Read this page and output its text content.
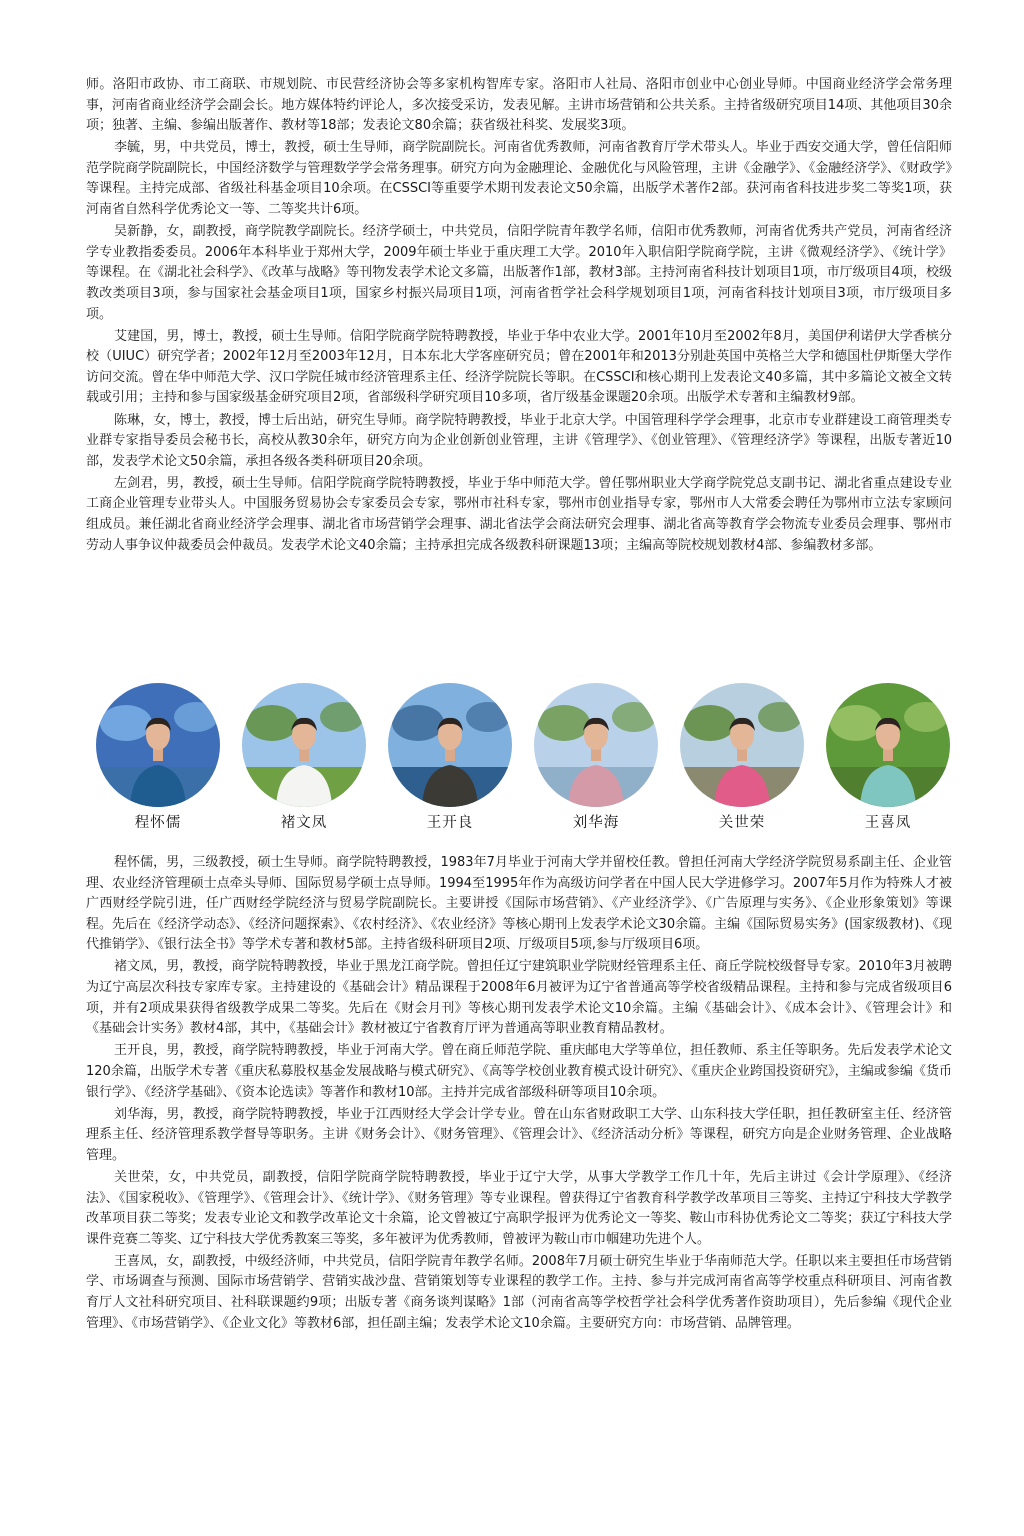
师。洛阳市政协、市工商联、市规划院、市民营经济协会等多家机构智库专家。洛阳市人社局、洛阳市创业中心创业导师。中国商业经济学会常务理事，河南省商业经济学会副会长。地方媒体特约评论人，多次接受采访，发表见解。主讲市场营销和公共关系。主持省级研究项目14项、其他项目30余项；独著、主编、参编出版著作、教材等18部；发表论文80余篇；获省级社科奖、发展奖3项。

李毓，男，中共党员，博士，教授，硕士生导师，商学院副院长。河南省优秀教师，河南省教育厅学术带头人。毕业于西安交通大学，曾任信阳师范学院商学院副院长，中国经济数学与管理数学学会常务理事。研究方向为金融理论、金融优化与风险管理，主讲《金融学》、《金融经济学》、《财政学》等课程。主持完成部、省级社科基金项目10余项。在CSSCI等重要学术期刊发表论文50余篇，出版学术著作2部。获河南省科技进步奖二等奖1项，获河南省自然科学优秀论文一等、二等奖共计6项。

吴新静，女，副教授，商学院教学副院长。经济学硕士，中共党员，信阳学院青年教学名师，信阳市优秀教师，河南省优秀共产党员，河南省经济学专业教指委委员。2006年本科毕业于郑州大学，2009年硕士毕业于重庆理工大学。2010年入职信阳学院商学院，主讲《微观经济学》、《统计学》等课程。在《湖北社会科学》、《改革与战略》等刊物发表学术论文多篇，出版著作1部，教材3部。主持河南省科技计划项目1项，市厅级项目4项，校级教改类项目3项，参与国家社会基金项目1项，国家乡村振兴局项目1项，河南省哲学社会科学规划项目1项，河南省科技计划项目3项，市厅级项目多项。

艾建国，男，博士，教授，硕士生导师。信阳学院商学院特聘教授，毕业于华中农业大学。2001年10月至2002年8月，美国伊利诺伊大学香槟分校（UIUC）研究学者；2002年12月至2003年12月，日本东北大学客座研究员；曾在2001年和2013分别赴英国中英格兰大学和德国杜伊斯堡大学作访问交流。曾在华中师范大学、汉口学院任城市经济管理系主任、经济学院院长等职。在CSSCI和核心期刊上发表论文40多篇，其中多篇论文被全文转载或引用；主持和参与国家级基金研究项目2项，省部级科学研究项目10多项，省厅级基金课题20余项。出版学术专著和主编教材9部。

陈琳，女，博士，教授，博士后出站，研究生导师。商学院特聘教授，毕业于北京大学。中国管理科学学会理事，北京市专业群建设工商管理类专业群专家指导委员会秘书长，高校从教30余年，研究方向为企业创新创业管理，主讲《管理学》、《创业管理》、《管理经济学》等课程，出版专著近10部，发表学术论文50余篇，承担各级各类科研项目20余项。

左剑君，男，教授，硕士生导师。信阳学院商学院特聘教授，毕业于华中师范大学。曾任鄂州职业大学商学院党总支副书记、湖北省重点建设专业工商企业管理专业带头人。中国服务贸易协会专家委员会专家，鄂州市社科专家，鄂州市创业指导专家，鄂州市人大常委会聘任为鄂州市立法专家顾问组成员。兼任湖北省商业经济学会理事、湖北省市场营销学会理事、湖北省法学会商法研究会理事、湖北省高等教育学会物流专业委员会理事、鄂州市劳动人事争议仲裁委员会仲裁员。发表学术论文40余篇；主持承担完成各级教科研课题13项；主编高等院校规划教材4部、参编教材多部。

程怀儒	褚文凤	王开良	刘华海	关世荣	王喜凤

程怀儒，男，三级教授，硕士生导师。商学院特聘教授，1983年7月毕业于河南大学并留校任教。曾担任河南大学经济学院贸易系副主任、企业管理、农业经济管理硕士点牵头导师、国际贸易学硕士点导师。1994至1995年作为高级访问学者在中国人民大学进修学习。2007年5月作为特殊人才被广西财经学院引进，任广西财经学院经济与贸易学院副院长。主要讲授《国际市场营销》、《产业经济学》、《广告原理与实务》、《企业形象策划》等课程。先后在《经济学动态》、《经济问题探索》、《农村经济》、《农业经济》等核心期刊上发表学术论文30余篇。主编《国际贸易实务》(国家级教材)、《现代推销学》、《银行法全书》等学术专著和教材5部。主持省级科研项目2项、厅级项目5项,参与厅级项目6项。

褚文凤，男，教授，商学院特聘教授，毕业于黑龙江商学院。曾担任辽宁建筑职业学院财经管理系主任、商丘学院校级督导专家。2010年3月被聘为辽宁高层次科技专家库专家。主持建设的《基础会计》精品课程于2008年6月被评为辽宁省普通高等学校省级精品课程。主持和参与完成省级项目6项，并有2项成果获得省级教学成果二等奖。先后在《财会月刊》等核心期刊发表学术论文10余篇。主编《基础会计》、《成本会计》、《管理会计》和《基础会计实务》教材4部，其中，《基础会计》教材被辽宁省教育厅评为普通高等职业教育精品教材。

王开良，男，教授，商学院特聘教授，毕业于河南大学。曾在商丘师范学院、重庆邮电大学等单位，担任教师、系主任等职务。先后发表学术论文120余篇，出版学术专著《重庆私募股权基金发展战略与模式研究》、《高等学校创业教育模式设计研究》、《重庆企业跨国投资研究》，主编或参编《货币银行学》、《经济学基础》、《资本论选读》等著作和教材10部。主持并完成省部级科研等项目10余项。

刘华海，男，教授，商学院特聘教授，毕业于江西财经大学会计学专业。曾在山东省财政职工大学、山东科技大学任职，担任教研室主任、经济管理系主任、经济管理系教学督导等职务。主讲《财务会计》、《财务管理》、《管理会计》、《经济活动分析》等课程，研究方向是企业财务管理、企业战略管理。

关世荣，女，中共党员，副教授，信阳学院商学院特聘教授，毕业于辽宁大学，从事大学教学工作几十年，先后主讲过《会计学原理》、《经济法》、《国家税收》、《管理学》、《管理会计》、《统计学》、《财务管理》等专业课程。曾获得辽宁省教育科学教学改革项目三等奖、主持辽宁科技大学教学改革项目获二等奖；发表专业论文和教学改革论文十余篇，论文曾被辽宁高职学报评为优秀论文一等奖、鞍山市科协优秀论文二等奖；获辽宁科技大学课件竞赛二等奖、辽宁科技大学优秀教案三等奖，多年被评为优秀教师，曾被评为鞍山市巾帼建功先进个人。

王喜凤，女，副教授，中级经济师，中共党员，信阳学院青年教学名师。2008年7月硕士研究生毕业于华南师范大学。任职以来主要担任市场营销学、市场调查与预测、国际市场营销学、营销实战沙盘、营销策划等专业课程的教学工作。主持、参与并完成河南省高等学校重点科研项目、河南省教育厅人文社科研究项目、社科联课题约9项；出版专著《商务谈判谋略》1部（河南省高等学校哲学社会科学优秀著作资助项目），先后参编《现代企业管理》、《市场营销学》、《企业文化》等教材6部，担任副主编；发表学术论文10余篇。主要研究方向：市场营销、品牌管理。
